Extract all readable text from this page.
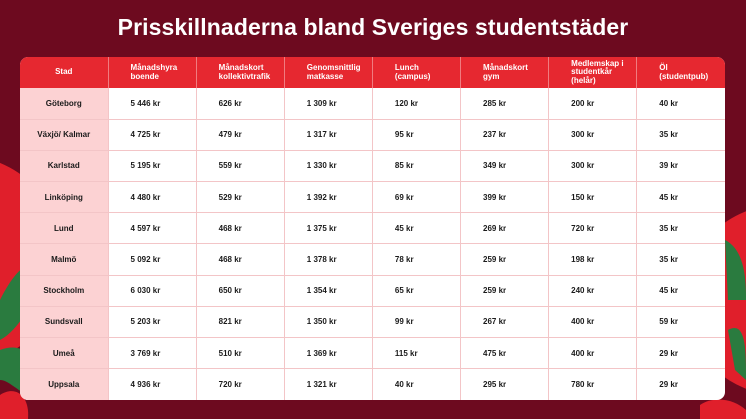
Prisskillnaderna bland Sveriges studentstäder
Stad	Månadshyra boende	Månadskort kollektivtrafik	Genomsnittlig matkasse	Lunch (campus)	Månadskort gym	Medlemskap i studentkår (helår)	Öl (studentpub)
Göteborg	5 446 kr	626 kr	1 309 kr	120 kr	285 kr	200 kr	40 kr
Växjö/ Kalmar	4 725 kr	479 kr	1 317 kr	95 kr	237 kr	300 kr	35 kr
Karlstad	5 195 kr	559 kr	1 330 kr	85 kr	349 kr	300 kr	39 kr
Linköping	4 480 kr	529 kr	1 392 kr	69 kr	399 kr	150 kr	45 kr
Lund	4 597 kr	468 kr	1 375 kr	45 kr	269 kr	720 kr	35 kr
Malmö	5 092 kr	468 kr	1 378 kr	78 kr	259 kr	198 kr	35 kr
Stockholm	6 030 kr	650 kr	1 354 kr	65 kr	259 kr	240 kr	45 kr
Sundsvall	5 203 kr	821 kr	1 350 kr	99 kr	267 kr	400 kr	59 kr
Umeå	3 769 kr	510 kr	1 369 kr	115 kr	475 kr	400 kr	29 kr
Uppsala	4 936 kr	720 kr	1 321 kr	40 kr	295 kr	780 kr	29 kr
